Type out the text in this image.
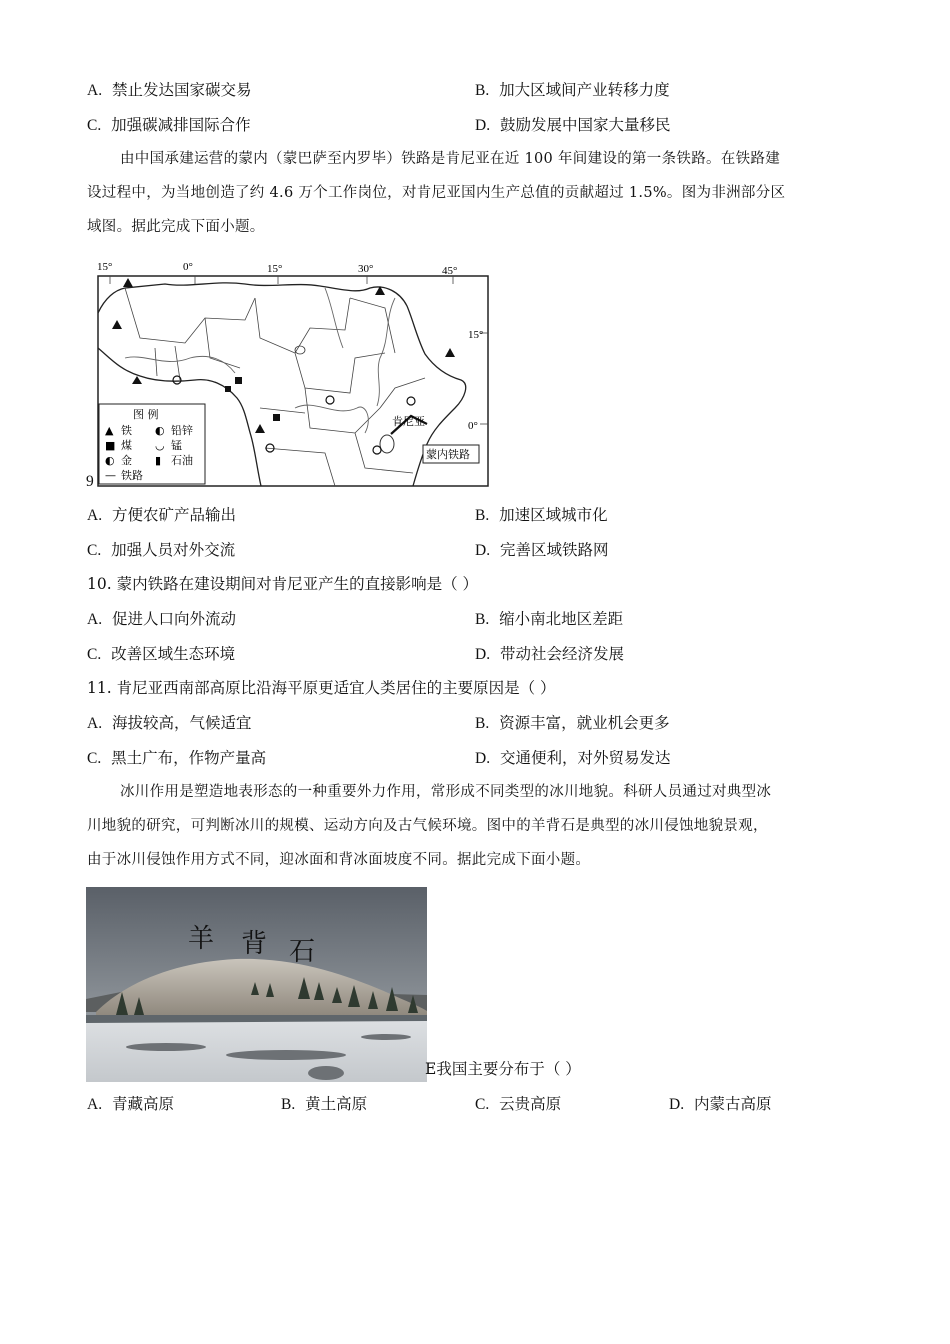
A. 禁止发达国家碳交易	B. 加大区域间产业转移力度
C. 加强碳减排国际合作	D. 鼓励发展中国家大量移民
由中国承建运营的蒙内（蒙巴萨至内罗毕）铁路是肯尼亚在近 100 年间建设的第一条铁路。在铁路建
设过程中，为当地创造了约 4.6 万个工作岗位，对肯尼亚国内生产总值的贡献超过 1.5%。图为非洲部分区
域图。据此完成下面小题。
15°	0°	15°	30°	45°
15°
0°
肯尼亚
蒙内铁路
图 例
▲ 铁 ◐ 铅锌
■ 煤 ◡ 锰
◐ 金 ▮ 石油
— 铁路
9
A. 方便农矿产品输出	B. 加速区域城市化
C. 加强人员对外交流	D. 完善区域铁路网
10. 蒙内铁路在建设期间对肯尼亚产生的直接影响是（ ）
A. 促进人口向外流动	B. 缩小南北地区差距
C. 改善区域生态环境	D. 带动社会经济发展
11. 肯尼亚西南部高原比沿海平原更适宜人类居住的主要原因是（ ）
A. 海拔较高，气候适宜	B. 资源丰富，就业机会更多
C. 黑土广布，作物产量高	D. 交通便利，对外贸易发达
冰川作用是塑造地表形态的一种重要外力作用，常形成不同类型的冰川地貌。科研人员通过对典型冰
川地貌的研究，可判断冰川的规模、运动方向及古气候环境。图中的羊背石是典型的冰川侵蚀地貌景观，
由于冰川侵蚀作用方式不同，迎冰面和背冰面坡度不同。据此完成下面小题。
羊 背 石
E我国主要分布于（ ）
A. 青藏高原	B. 黄土高原	C. 云贵高原	D. 内蒙古高原
